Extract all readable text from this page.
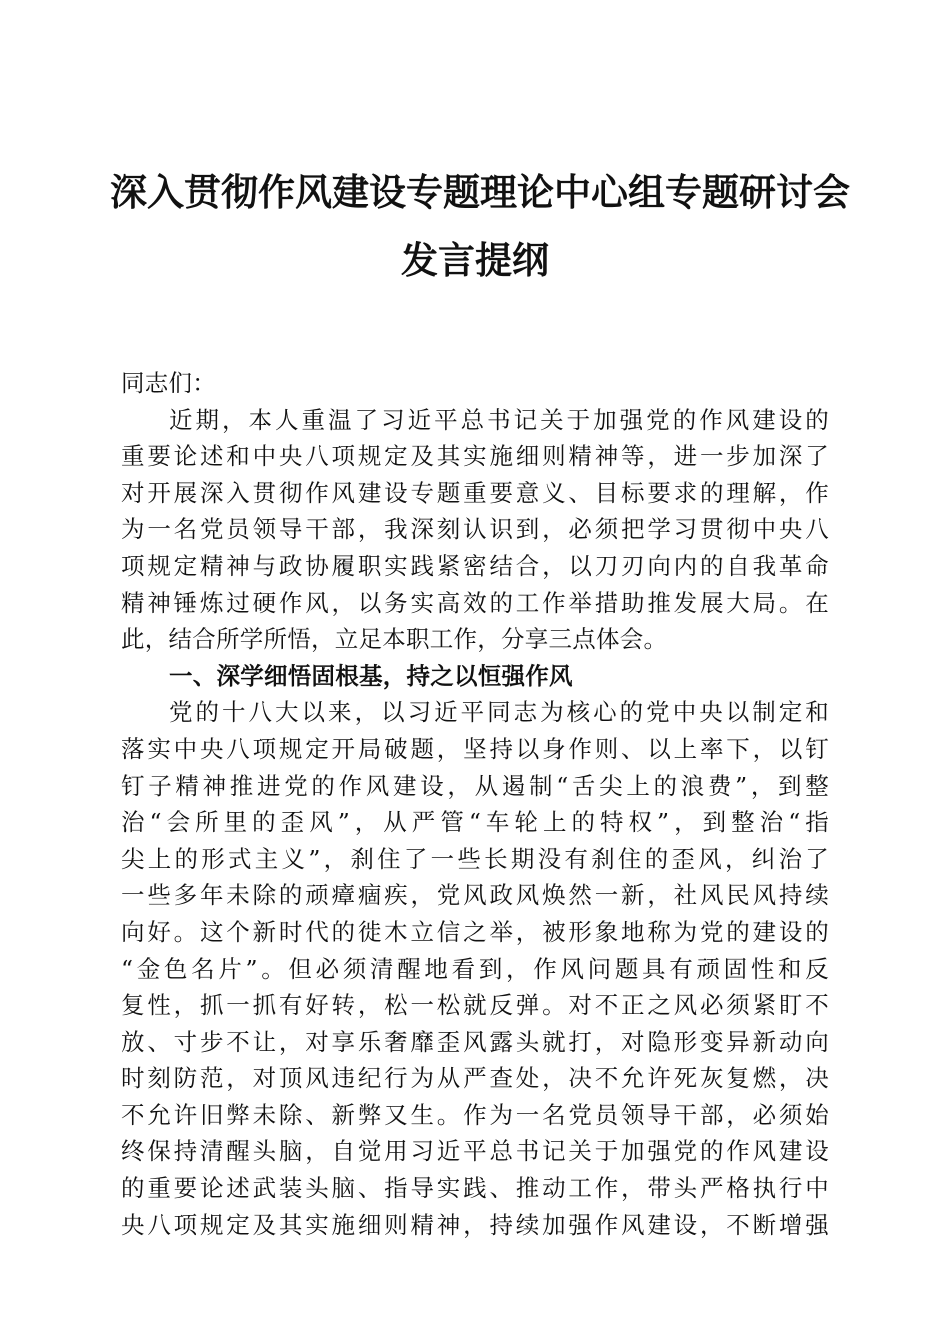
深入贯彻作风建设专题理论中心组专题研讨会
发言提纲
同志们：
近期，本人重温了习近平总书记关于加强党的作风建设的
重要论述和中央八项规定及其实施细则精神等，进一步加深了
对开展深入贯彻作风建设专题重要意义、目标要求的理解，作
为一名党员领导干部，我深刻认识到，必须把学习贯彻中央八
项规定精神与政协履职实践紧密结合，以刀刃向内的自我革命
精神锤炼过硬作风，以务实高效的工作举措助推发展大局。在
此，结合所学所悟，立足本职工作，分享三点体会。
一、深学细悟固根基，持之以恒强作风
党的十八大以来，以习近平同志为核心的党中央以制定和
落实中央八项规定开局破题，坚持以身作则、以上率下，以钉
钉子精神推进党的作风建设，从遏制“舌尖上的浪费”，到整
治“会所里的歪风”，从严管“车轮上的特权”，到整治“指
尖上的形式主义”，刹住了一些长期没有刹住的歪风，纠治了
一些多年未除的顽瘴痼疾，党风政风焕然一新，社风民风持续
向好。这个新时代的徙木立信之举，被形象地称为党的建设的
“金色名片”。但必须清醒地看到，作风问题具有顽固性和反
复性，抓一抓有好转，松一松就反弹。对不正之风必须紧盯不
放、寸步不让，对享乐奢靡歪风露头就打，对隐形变异新动向
时刻防范，对顶风违纪行为从严查处，决不允许死灰复燃，决
不允许旧弊未除、新弊又生。作为一名党员领导干部，必须始
终保持清醒头脑，自觉用习近平总书记关于加强党的作风建设
的重要论述武装头脑、指导实践、推动工作，带头严格执行中
央八项规定及其实施细则精神，持续加强作风建设，不断增强
